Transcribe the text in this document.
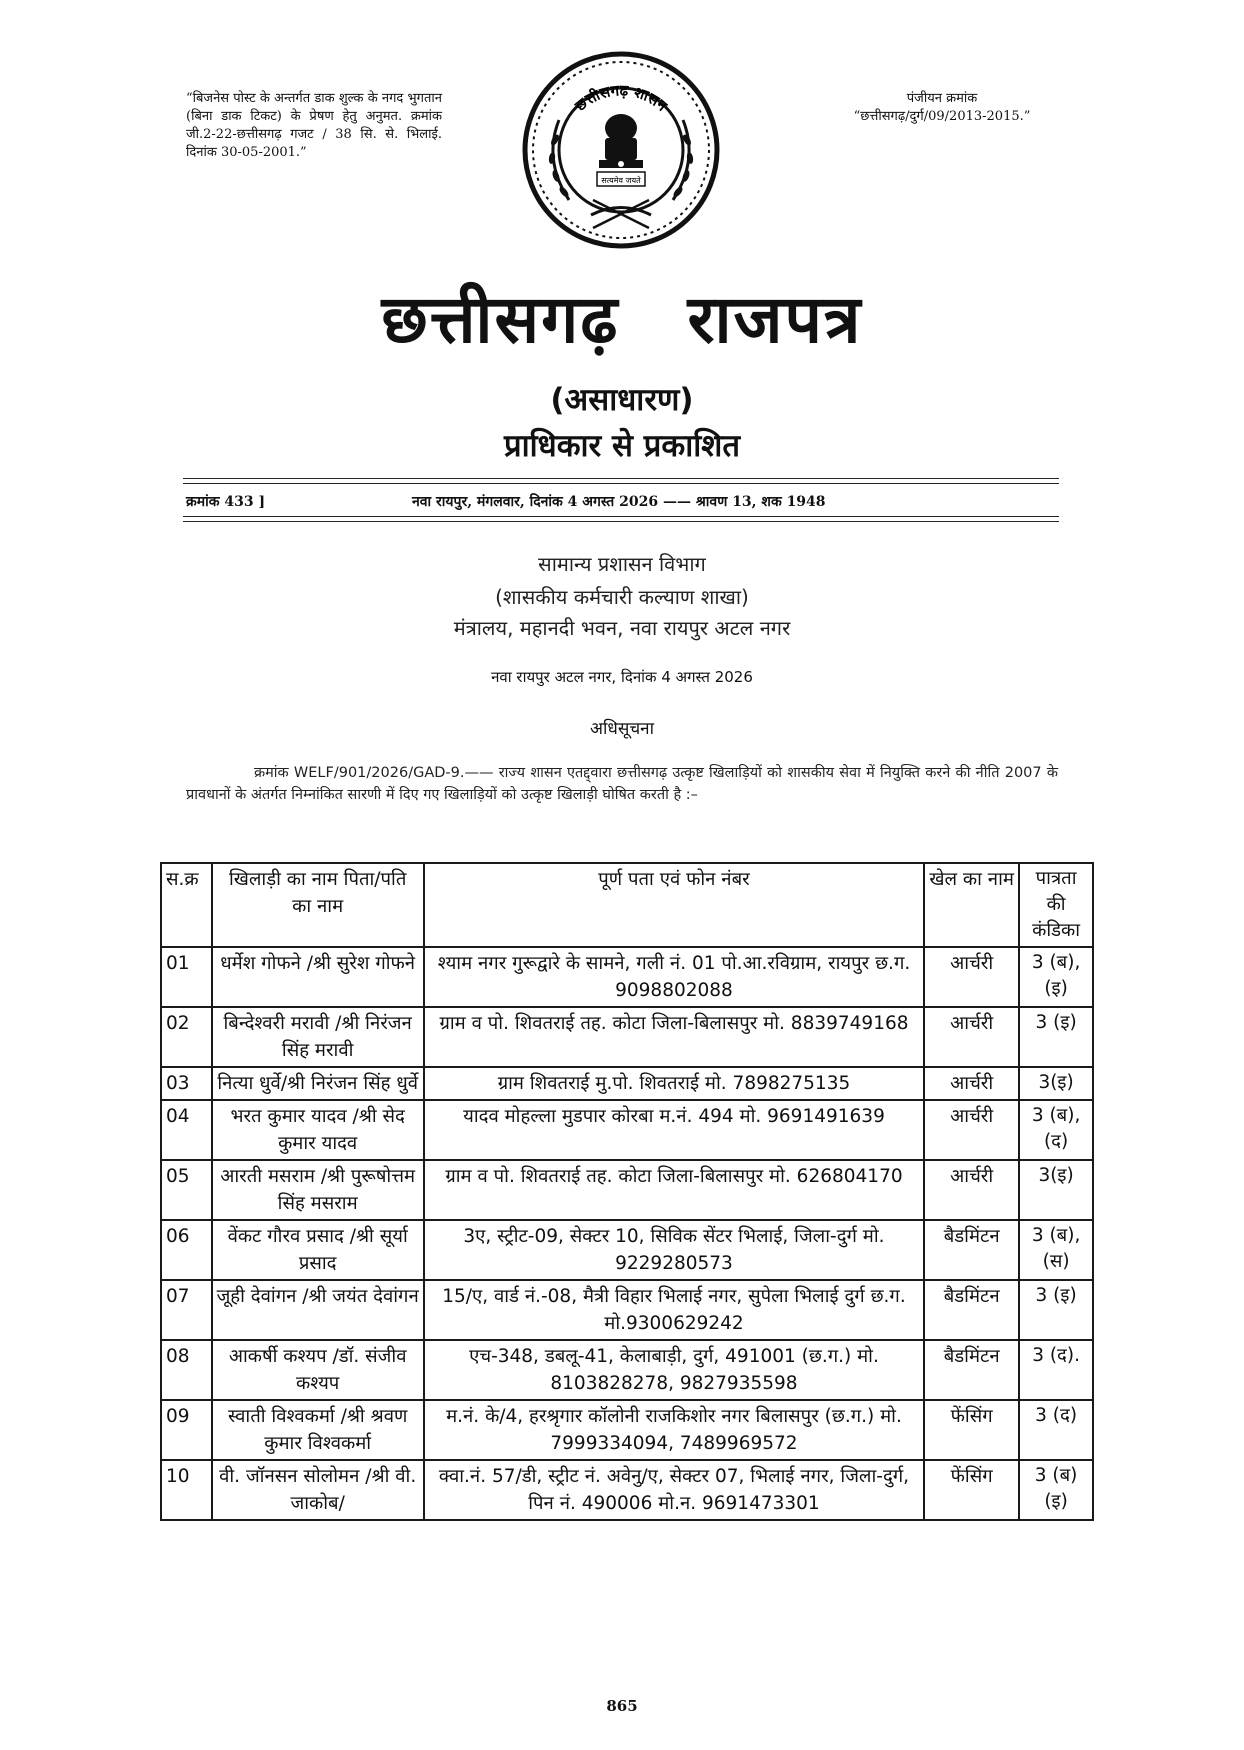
“बिजनेस पोस्ट के अन्तर्गत डाक शुल्क के नगद भुगतान (बिना डाक टिकट) के प्रेषण हेतु अनुमत. क्रमांक जी.2-22-छत्तीसगढ़ गजट / 38 सि. से. भिलाई. दिनांक 30-05-2001.”
पंजीयन क्रमांक
“छत्तीसगढ़/दुर्ग/09/2013-2015.”
छत्तीसगढ़ शासन
सत्यमेव जयते
छत्तीसगढ़ राजपत्र
(असाधारण)
प्राधिकार से प्रकाशित
क्रमांक 433 ]	नवा रायपुर, मंगलवार, दिनांक 4 अगस्त 2026 —— श्रावण 13, शक 1948
सामान्य प्रशासन विभाग
(शासकीय कर्मचारी कल्याण शाखा)
मंत्रालय, महानदी भवन, नवा रायपुर अटल नगर
नवा रायपुर अटल नगर, दिनांक 4 अगस्त 2026
अधिसूचना
क्रमांक WELF/901/2026/GAD-9.—— राज्य शासन एतद्द्वारा छत्तीसगढ़ उत्कृष्ट खिलाड़ियों को शासकीय सेवा में नियुक्ति करने की नीति 2007 के प्रावधानों के अंतर्गत निम्नांकित सारणी में दिए गए खिलाड़ियों को उत्कृष्ट खिलाड़ी घोषित करती है :–
स.क्र	खिलाड़ी का नाम पिता/पति का नाम	पूर्ण पता एवं फोन नंबर	खेल का नाम	पात्रता की कंडिका
01	धर्मेश गोफने /श्री सुरेश गोफने	श्याम नगर गुरूद्वारे के सामने, गली नं. 01 पो.आ.रविग्राम, रायपुर छ.ग. 9098802088	आर्चरी	3 (ब), (इ)
02	बिन्देश्वरी मरावी /श्री निरंजन सिंह मरावी	ग्राम व पो. शिवतराई तह. कोटा जिला-बिलासपुर मो. 8839749168	आर्चरी	3 (इ)
03	नित्या धुर्वे/श्री निरंजन सिंह धुर्वे	ग्राम शिवतराई मु.पो. शिवतराई मो. 7898275135	आर्चरी	3(इ)
04	भरत कुमार यादव /श्री सेद कुमार यादव	यादव मोहल्ला मुडपार कोरबा म.नं. 494 मो. 9691491639	आर्चरी	3 (ब), (द)
05	आरती मसराम /श्री पुरूषोत्तम सिंह मसराम	ग्राम व पो. शिवतराई तह. कोटा जिला-बिलासपुर मो. 626804170	आर्चरी	3(इ)
06	वेंकट गौरव प्रसाद /श्री सूर्या प्रसाद	3ए, स्ट्रीट-09, सेक्टर 10, सिविक सेंटर भिलाई, जिला-दुर्ग मो. 9229280573	बैडमिंटन	3 (ब), (स)
07	जूही देवांगन /श्री जयंत देवांगन	15/ए, वार्ड नं.-08, मैत्री विहार भिलाई नगर, सुपेला भिलाई दुर्ग छ.ग. मो.9300629242	बैडमिंटन	3 (इ)
08	आकर्षी कश्यप /डॉ. संजीव कश्यप	एच-348, डबलू-41, केलाबाड़ी, दुर्ग, 491001 (छ.ग.) मो. 8103828278, 9827935598	बैडमिंटन	3 (द).
09	स्वाती विश्वकर्मा /श्री श्रवण कुमार विश्वकर्मा	म.नं. के/4, हरश्रृगार कॉलोनी राजकिशोर नगर बिलासपुर (छ.ग.) मो. 7999334094, 7489969572	फेंसिंग	3 (द)
10	वी. जॉनसन सोलोमन /श्री वी. जाकोब/	क्वा.नं. 57/डी, स्ट्रीट नं. अवेनु/ए, सेक्टर 07, भिलाई नगर, जिला-दुर्ग, पिन नं. 490006 मो.न. 9691473301	फेंसिंग	3 (ब) (इ)
865
